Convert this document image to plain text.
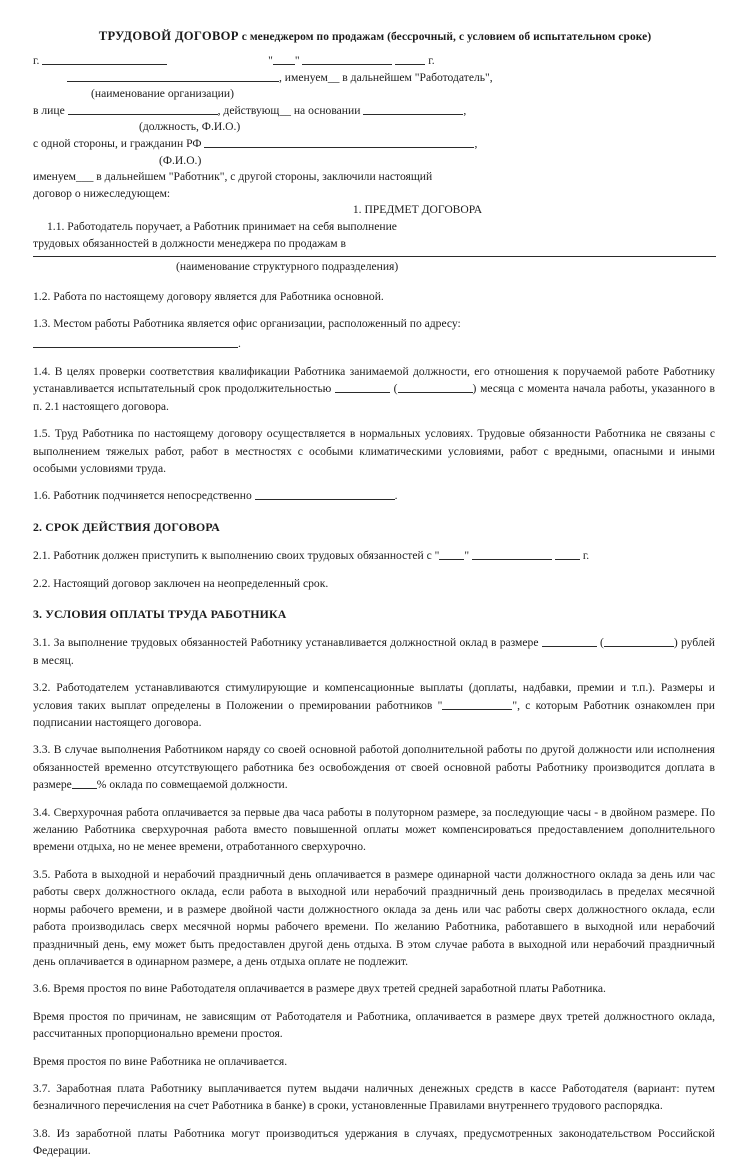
ТРУДОВОЙ ДОГОВОР с менеджером по продажам (бессрочный, с условием об испытательном сроке)
г.	" "	г.
, именуем__ в дальнейшем "Работодатель",
(наименование организации)
в лице	, действующ__ на основании	,
(должность, Ф.И.О.)
с одной стороны, и гражданин РФ	,
(Ф.И.О.)
именуем___ в дальнейшем "Работник", с другой стороны, заключили настоящий
договор о нижеследующем:
1. ПРЕДМЕТ ДОГОВОРА
1.1. Работодатель поручает, а Работник принимает на себя выполнение
трудовых обязанностей в должности менеджера по продажам в
(наименование структурного подразделения)

1.2. Работа по настоящему договору является для Работника основной.

1.3. Местом работы Работника является офис организации, расположенный по адресу:

.

1.4. В целях проверки соответствия квалификации Работника занимаемой должности, его отношения к поручаемой работе Работнику устанавливается испытательный срок продолжительностью	(	) месяца с момента начала работы, указанного в п. 2.1 настоящего договора.

1.5. Труд Работника по настоящему договору осуществляется в нормальных условиях. Трудовые обязанности Работника не связаны с выполнением тяжелых работ, работ в местностях с особыми климатическими условиями, работ с вредными, опасными и иными особыми условиями труда.

1.6. Работник подчиняется непосредственно	.

2. СРОК ДЕЙСТВИЯ ДОГОВОРА

2.1. Работник должен приступить к выполнению своих трудовых обязанностей с " "	г.

2.2. Настоящий договор заключен на неопределенный срок.

3. УСЛОВИЯ ОПЛАТЫ ТРУДА РАБОТНИКА

3.1. За выполнение трудовых обязанностей Работнику устанавливается должностной оклад в размере	(	) рублей в месяц.

3.2. Работодателем устанавливаются стимулирующие и компенсационные выплаты (доплаты, надбавки, премии и т.п.). Размеры и условия таких выплат определены в Положении о премировании работников "	", с которым Работник ознакомлен при подписании настоящего договора.

3.3. В случае выполнения Работником наряду со своей основной работой дополнительной работы по другой должности или исполнения обязанностей временно отсутствующего работника без освобождения от своей основной работы Работнику производится доплата в размере % оклада по совмещаемой должности.

3.4. Сверхурочная работа оплачивается за первые два часа работы в полуторном размере, за последующие часы - в двойном размере. По желанию Работника сверхурочная работа вместо повышенной оплаты может компенсироваться предоставлением дополнительного времени отдыха, но не менее времени, отработанного сверхурочно.

3.5. Работа в выходной и нерабочий праздничный день оплачивается в размере одинарной части должностного оклада за день или час работы сверх должностного оклада, если работа в выходной или нерабочий праздничный день производилась в пределах месячной нормы рабочего времени, и в размере двойной части должностного оклада за день или час работы сверх должностного оклада, если работа производилась сверх месячной нормы рабочего времени. По желанию Работника, работавшего в выходной или нерабочий праздничный день, ему может быть предоставлен другой день отдыха. В этом случае работа в выходной или нерабочий праздничный день оплачивается в одинарном размере, а день отдыха оплате не подлежит.

3.6. Время простоя по вине Работодателя оплачивается в размере двух третей средней заработной платы Работника.

Время простоя по причинам, не зависящим от Работодателя и Работника, оплачивается в размере двух третей должностного оклада, рассчитанных пропорционально времени простоя.

Время простоя по вине Работника не оплачивается.

3.7. Заработная плата Работнику выплачивается путем выдачи наличных денежных средств в кассе Работодателя (вариант: путем безналичного перечисления на счет Работника в банке) в сроки, установленные Правилами внутреннего трудового распорядка.

3.8. Из заработной платы Работника могут производиться удержания в случаях, предусмотренных законодательством Российской Федерации.
